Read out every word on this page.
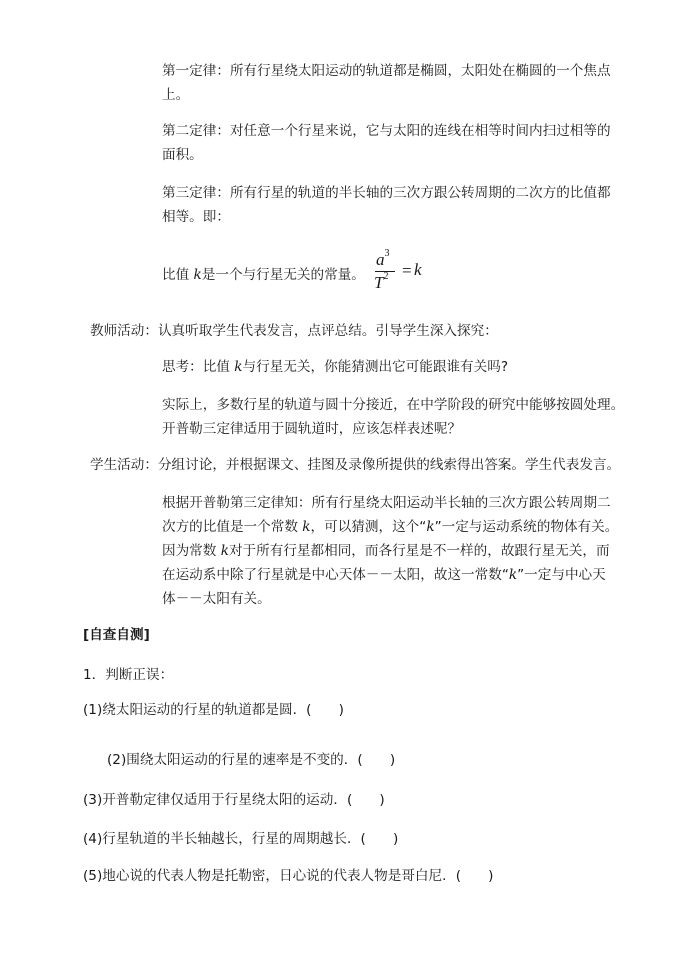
第一定律：所有行星绕太阳运动的轨道都是椭圆，太阳处在椭圆的一个焦点

上。

第二定律：对任意一个行星来说，它与太阳的连线在相等时间内扫过相等的

面积。

第三定律：所有行星的轨道的半长轴的三次方跟公转周期的二次方的比值都

相等。即：

比值 k是一个与行星无关的常量。

$a^3$
$T^2 = k$

教师活动：认真听取学生代表发言，点评总结。引导学生深入探究：

思考：比值 k与行星无关，你能猜测出它可能跟谁有关吗?

实际上，多数行星的轨道与圆十分接近，在中学阶段的研究中能够按圆处理。

开普勒三定律适用于圆轨道时，应该怎样表述呢？

学生活动：分组讨论，并根据课文、挂图及录像所提供的线索得出答案。学生代表发言。

根据开普勒第三定律知：所有行星绕太阳运动半长轴的三次方跟公转周期二

次方的比值是一个常数 k，可以猜测，这个“k”一定与运动系统的物体有关。

因为常数 k对于所有行星都相同，而各行星是不一样的，故跟行星无关，而

在运动系中除了行星就是中心天体－－太阳，故这一常数“k”一定与中心天

体－－太阳有关。

[自查自测]

1．判断正误：

(1)绕太阳运动的行星的轨道都是圆．(　　)

(2)围绕太阳运动的行星的速率是不变的．(　　)

(3)开普勒定律仅适用于行星绕太阳的运动．(　　)

(4)行星轨道的半长轴越长，行星的周期越长．(　　)

(5)地心说的代表人物是托勒密，日心说的代表人物是哥白尼．(　　)
